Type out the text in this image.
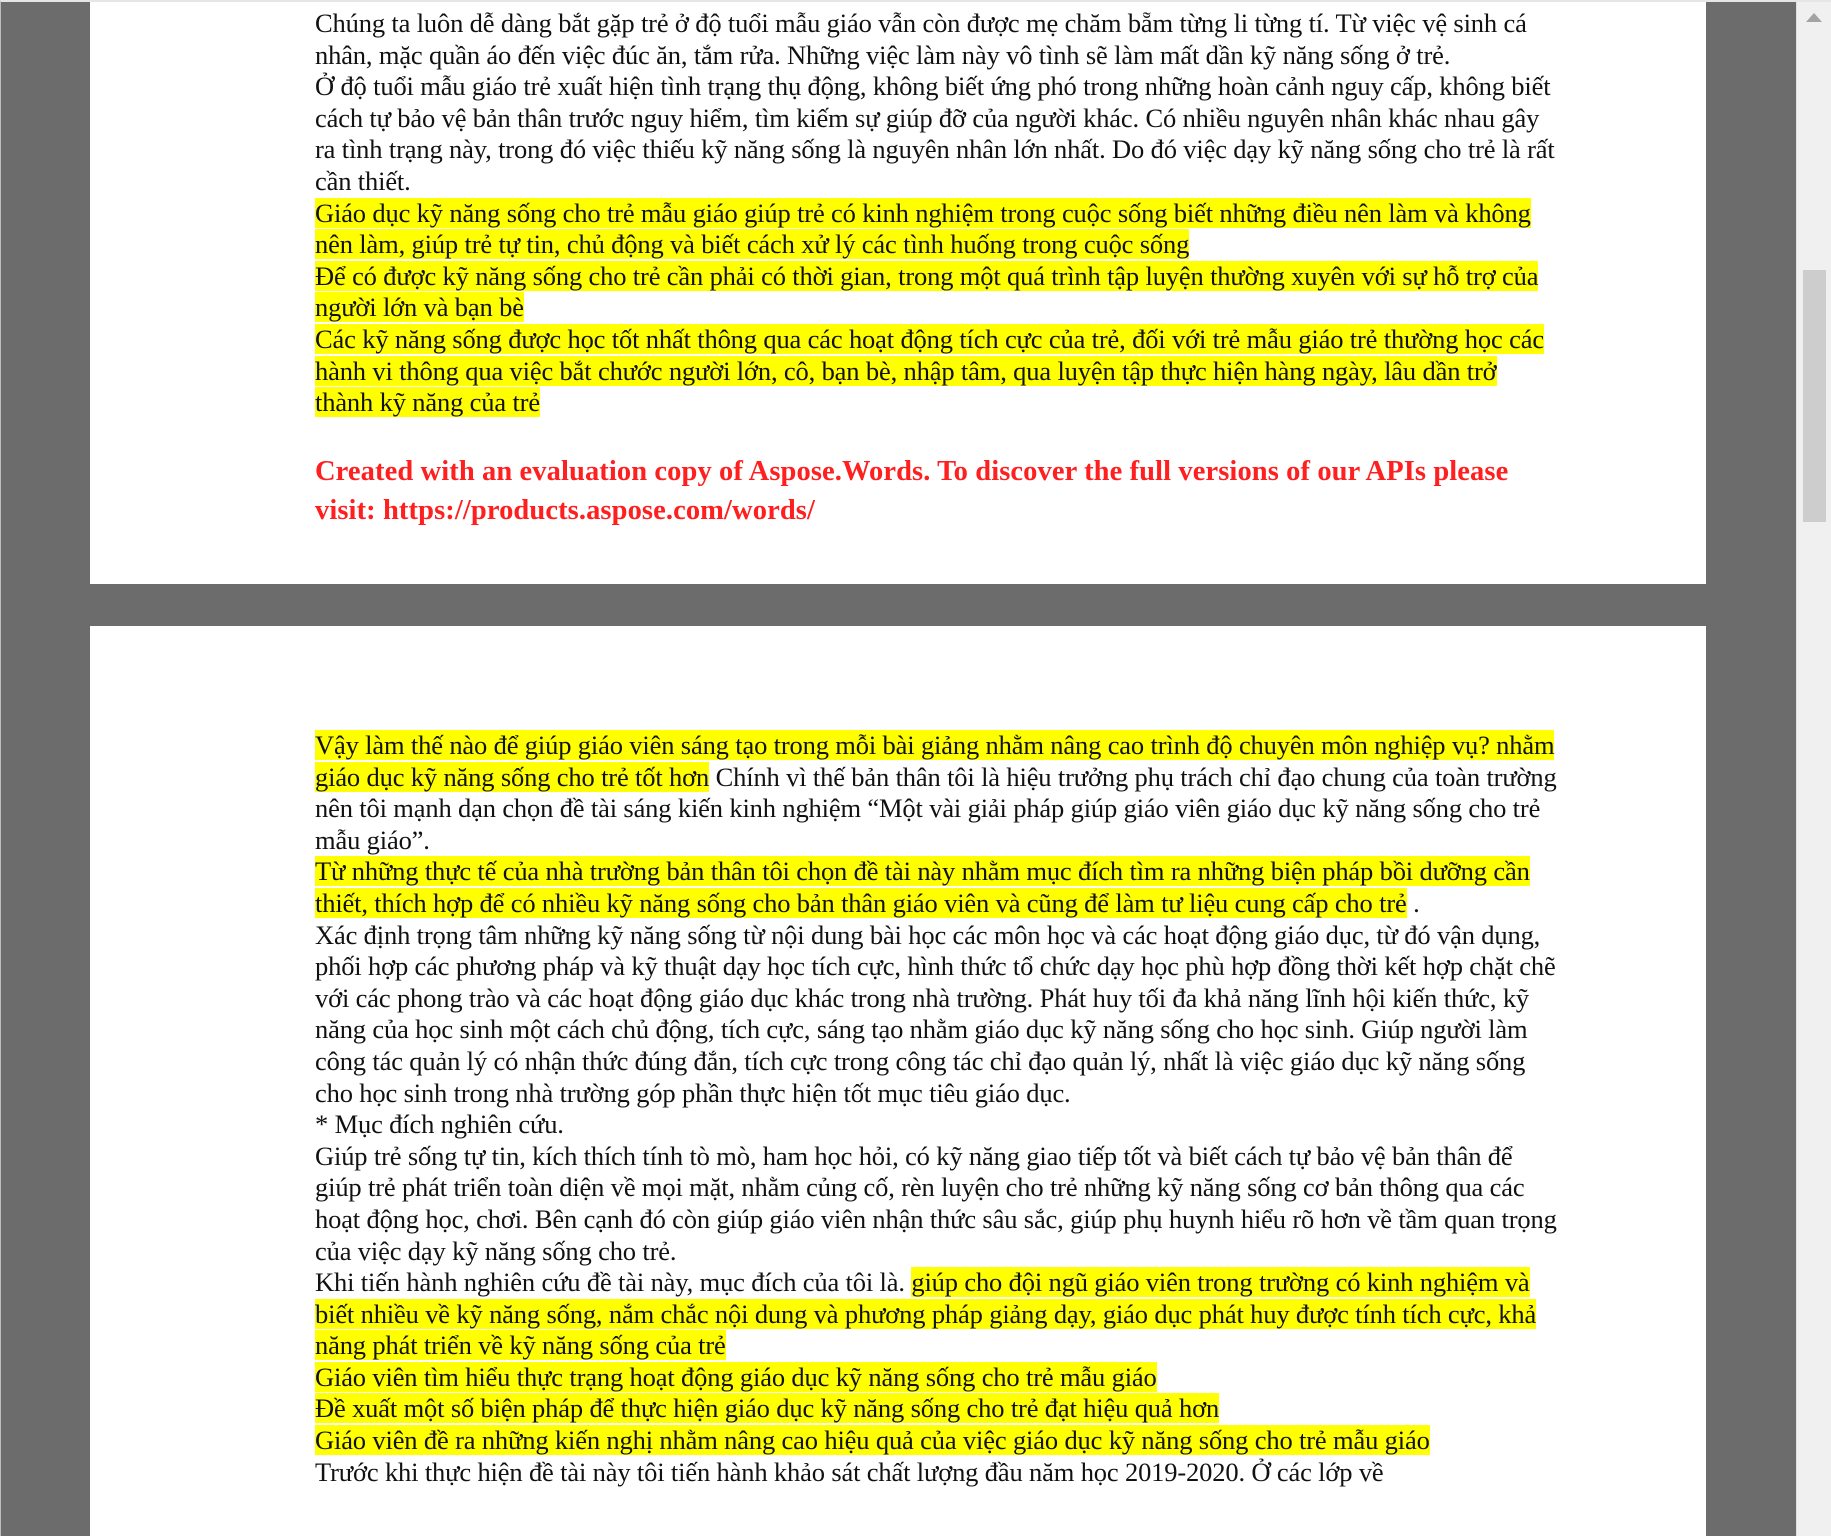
Chúng ta luôn dễ dàng bắt gặp trẻ ở độ tuổi mẫu giáo vẫn còn được mẹ chăm bẵm từng li từng tí. Từ việc vệ sinh cá nhân, mặc quần áo đến việc đúc ăn, tắm rửa. Những việc làm này vô tình sẽ làm mất dần kỹ năng sống ở trẻ.

Ở độ tuổi mẫu giáo trẻ xuất hiện tình trạng thụ động, không biết ứng phó trong những hoàn cảnh nguy cấp, không biết cách tự bảo vệ bản thân trước nguy hiểm, tìm kiếm sự giúp đỡ của người khác. Có nhiều nguyên nhân khác nhau gây ra tình trạng này, trong đó việc thiếu kỹ năng sống là nguyên nhân lớn nhất. Do đó việc dạy kỹ năng sống cho trẻ là rất cần thiết.

Giáo dục kỹ năng sống cho trẻ mẫu giáo giúp trẻ có kinh nghiệm trong cuộc sống biết những điều nên làm và không nên làm, giúp trẻ tự tin, chủ động và biết cách xử lý các tình huống trong cuộc sống

Để có được kỹ năng sống cho trẻ cần phải có thời gian, trong một quá trình tập luyện thường xuyên với sự hỗ trợ của người lớn và bạn bè

Các kỹ năng sống được học tốt nhất thông qua các hoạt động tích cực của trẻ, đối với trẻ mẫu giáo trẻ thường học các hành vi thông qua việc bắt chước người lớn, cô, bạn bè, nhập tâm, qua luyện tập thực hiện hàng ngày, lâu dần trở thành kỹ năng của trẻ

Created with an evaluation copy of Aspose.Words. To discover the full versions of our APIs please visit: https://products.aspose.com/words/

Vậy làm thế nào để giúp giáo viên sáng tạo trong mỗi bài giảng nhằm nâng cao trình độ chuyên môn nghiệp vụ? nhằm giáo dục kỹ năng sống cho trẻ tốt hơn Chính vì thế bản thân tôi là hiệu trưởng phụ trách chỉ đạo chung của toàn trường nên tôi mạnh dạn chọn đề tài sáng kiến kinh nghiệm “Một vài giải pháp giúp giáo viên giáo dục kỹ năng sống cho trẻ mẫu giáo”.

Từ những thực tế của nhà trường bản thân tôi chọn đề tài này nhằm mục đích tìm ra những biện pháp bồi dưỡng cần thiết, thích hợp để có nhiều kỹ năng sống cho bản thân giáo viên và cũng để làm tư liệu cung cấp cho trẻ .

Xác định trọng tâm những kỹ năng sống từ nội dung bài học các môn học và các hoạt động giáo dục, từ đó vận dụng, phối hợp các phương pháp và kỹ thuật dạy học tích cực, hình thức tổ chức dạy học phù hợp đồng thời kết hợp chặt chẽ với các phong trào và các hoạt động giáo dục khác trong nhà trường. Phát huy tối đa khả năng lĩnh hội kiến thức, kỹ năng của học sinh một cách chủ động, tích cực, sáng tạo nhằm giáo dục kỹ năng sống cho học sinh. Giúp người làm công tác quản lý có nhận thức đúng đắn, tích cực trong công tác chỉ đạo quản lý, nhất là việc giáo dục kỹ năng sống cho học sinh trong nhà trường góp phần thực hiện tốt mục tiêu giáo dục.

* Mục đích nghiên cứu.

Giúp trẻ sống tự tin, kích thích tính tò mò, ham học hỏi, có kỹ năng giao tiếp tốt và biết cách tự bảo vệ bản thân để giúp trẻ phát triển toàn diện về mọi mặt, nhằm củng cố, rèn luyện cho trẻ những kỹ năng sống cơ bản thông qua các hoạt động học, chơi. Bên cạnh đó còn giúp giáo viên nhận thức sâu sắc, giúp phụ huynh hiểu rõ hơn về tầm quan trọng của việc dạy kỹ năng sống cho trẻ.

Khi tiến hành nghiên cứu đề tài này, mục đích của tôi là. giúp cho đội ngũ giáo viên trong trường có kinh nghiệm và biết nhiều về kỹ năng sống, nắm chắc nội dung và phương pháp giảng dạy, giáo dục phát huy được tính tích cực, khả năng phát triển về kỹ năng sống của trẻ

Giáo viên tìm hiểu thực trạng hoạt động giáo dục kỹ năng sống cho trẻ mẫu giáo

Đề xuất một số biện pháp để thực hiện giáo dục kỹ năng sống cho trẻ đạt hiệu quả hơn

Giáo viên đề ra những kiến nghị nhằm nâng cao hiệu quả của việc giáo dục kỹ năng sống cho trẻ mẫu giáo

Trước khi thực hiện đề tài này tôi tiến hành khảo sát chất lượng đầu năm học 2019-2020. Ở các lớp về
